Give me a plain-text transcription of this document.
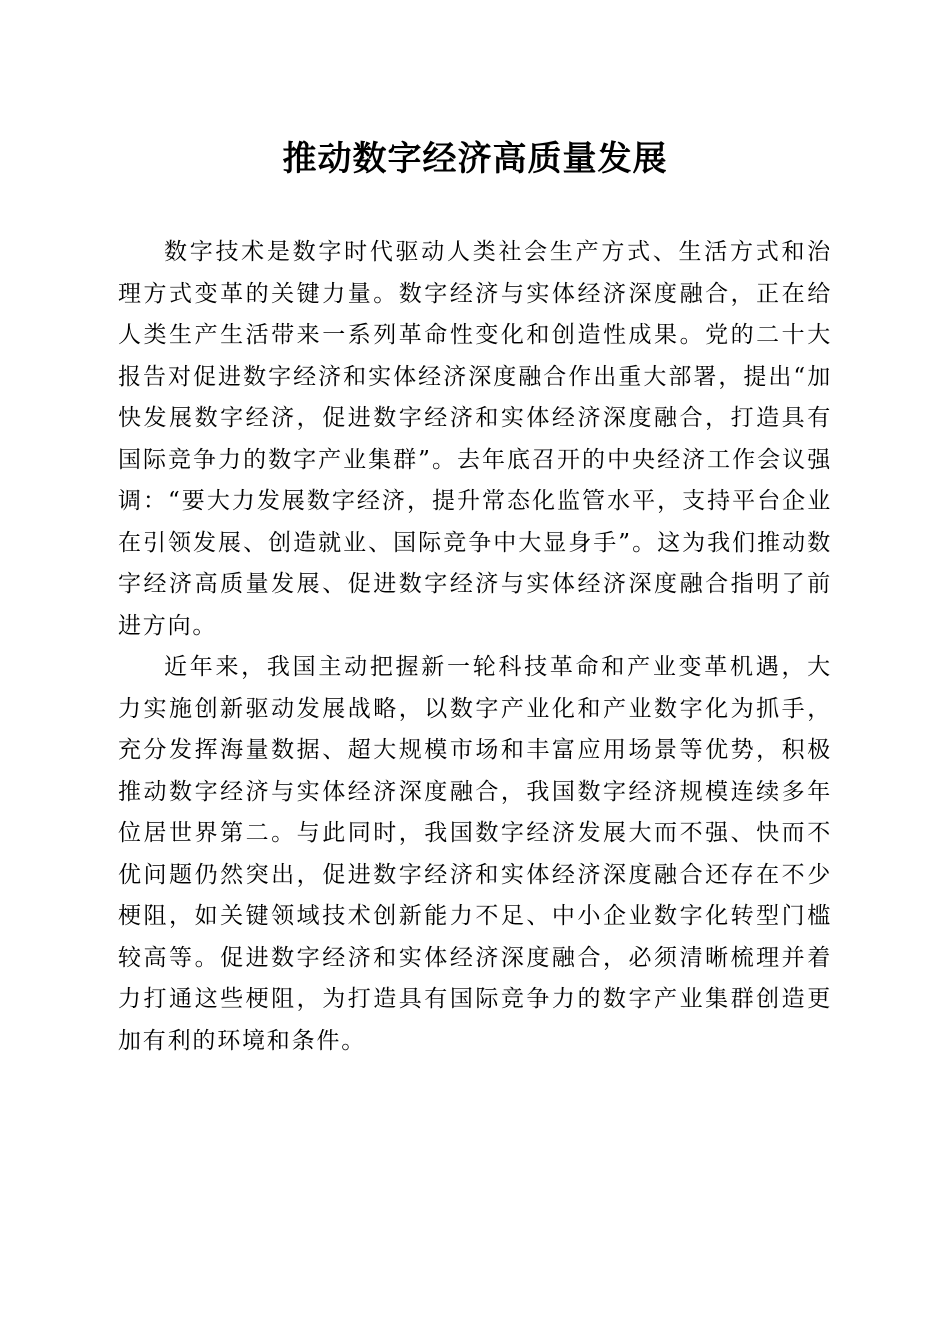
推动数字经济高质量发展

数字技术是数字时代驱动人类社会生产方式、生活方式和治理方式变革的关键力量。数字经济与实体经济深度融合，正在给人类生产生活带来一系列革命性变化和创造性成果。党的二十大报告对促进数字经济和实体经济深度融合作出重大部署，提出“加快发展数字经济，促进数字经济和实体经济深度融合，打造具有国际竞争力的数字产业集群”。去年底召开的中央经济工作会议强调：“要大力发展数字经济，提升常态化监管水平，支持平台企业在引领发展、创造就业、国际竞争中大显身手”。这为我们推动数字经济高质量发展、促进数字经济与实体经济深度融合指明了前进方向。

近年来，我国主动把握新一轮科技革命和产业变革机遇，大力实施创新驱动发展战略，以数字产业化和产业数字化为抓手，充分发挥海量数据、超大规模市场和丰富应用场景等优势，积极推动数字经济与实体经济深度融合，我国数字经济规模连续多年位居世界第二。与此同时，我国数字经济发展大而不强、快而不优问题仍然突出，促进数字经济和实体经济深度融合还存在不少梗阻，如关键领域技术创新能力不足、中小企业数字化转型门槛较高等。促进数字经济和实体经济深度融合，必须清晰梳理并着力打通这些梗阻，为打造具有国际竞争力的数字产业集群创造更加有利的环境和条件。
